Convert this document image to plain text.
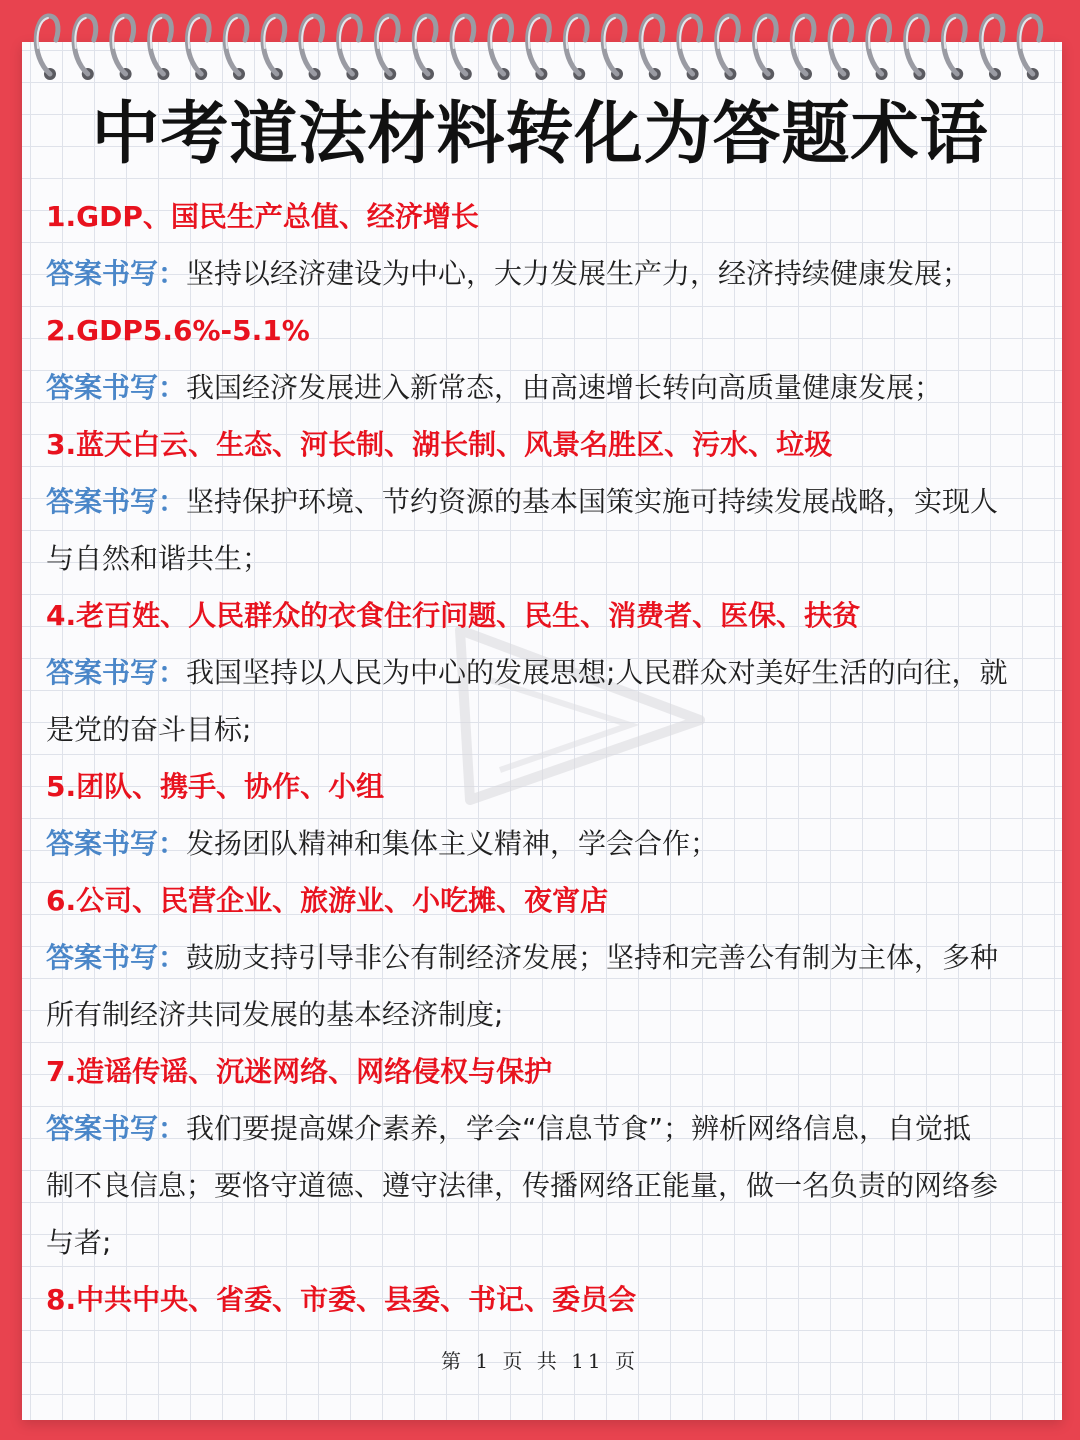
中考道法材料转化为答题术语

1.GDP、国民生产总值、经济增长

答案书写：坚持以经济建设为中心，大力发展生产力，经济持续健康发展；

2.GDP5.6%-5.1%

答案书写：我国经济发展进入新常态，由高速增长转向高质量健康发展；

3.蓝天白云、生态、河长制、湖长制、风景名胜区、污水、垃圾

答案书写：坚持保护环境、节约资源的基本国策实施可持续发展战略，实现人

与自然和谐共生；

4.老百姓、人民群众的衣食住行问题、民生、消费者、医保、扶贫

答案书写：我国坚持以人民为中心的发展思想;人民群众对美好生活的向往，就

是党的奋斗目标;

5.团队、携手、协作、小组

答案书写：发扬团队精神和集体主义精神，学会合作；

6.公司、民营企业、旅游业、小吃摊、夜宵店

答案书写：鼓励支持引导非公有制经济发展；坚持和完善公有制为主体，多种

所有制经济共同发展的基本经济制度;

7.造谣传谣、沉迷网络、网络侵权与保护

答案书写：我们要提高媒介素养，学会“信息节食”；辨析网络信息，自觉抵

制不良信息；要恪守道德、遵守法律，传播网络正能量，做一名负责的网络参

与者;

8.中共中央、省委、市委、县委、书记、委员会

第 1 页 共 11 页
